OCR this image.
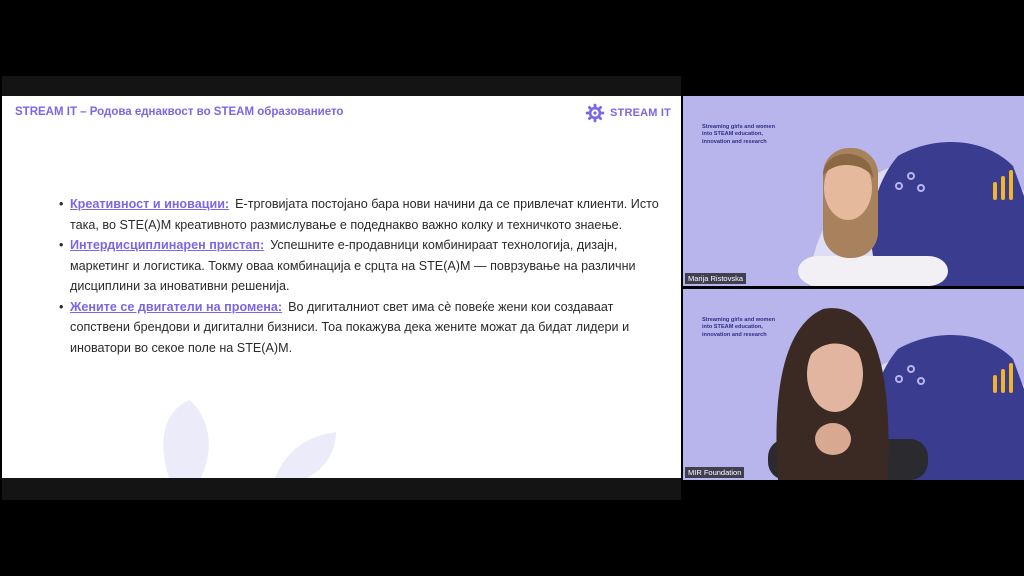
STREAM IT – Родова еднаквост во STEAM образованието	STREAM IT
• Креативност и иновации: Е-трговијата постојано бара нови начини да се привлечат клиенти. Исто така, во STE(A)M креативното размислување е подеднакво важно колку и техничкото знаење.
• Интердисциплинарен пристап: Успешните е-продавници комбинираат технологија, дизајн, маркетинг и логистика. Токму оваа комбинација е срцта на STE(A)M — поврзување на различни дисциплини за иновативни решенија.
• Жените се двигатели на промена: Во дигиталниот свет има сè повеќе жени кои создаваат сопствени брендови и дигитални бизниси. Тоа покажува дека жените можат да бидат лидери и иноватори во секое поле на STE(A)M.
Streaming girls and women into STEAM education, innovation and research
Marija Ristovska
Streaming girls and women into STEAM education, innovation and research
MIR Foundation
